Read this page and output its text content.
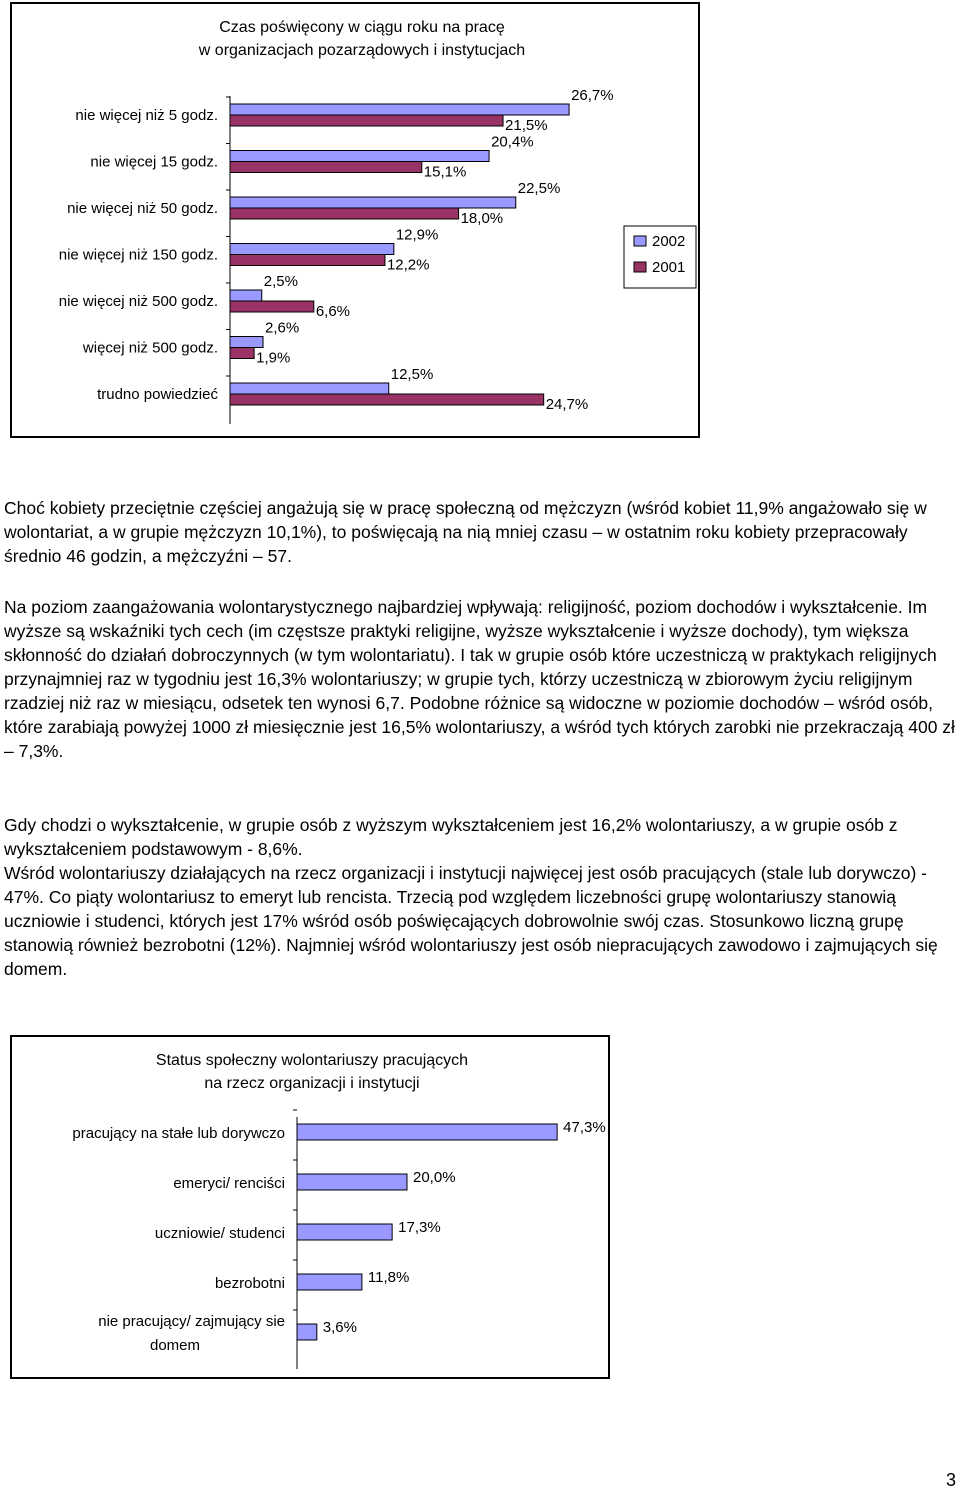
Czas poświęcony w ciągu roku na pracę
w organizacjach pozarządowych i instytucjach
nie więcej niż 5 godz.
26,7%
21,5%
nie więcej 15 godz.
20,4%
15,1%
nie więcej niż 50 godz.
22,5%
18,0%
nie więcej niż 150 godz.
12,9%
12,2%
nie więcej niż 500 godz.
2,5%
6,6%
więcej niż 500 godz.
2,6%
1,9%
trudno powiedzieć
12,5%
24,7%
2002
2001

Choć kobiety przeciętnie częściej angażują się w pracę społeczną od mężczyzn (wśród kobiet 11,9% angażowało się w wolontariat, a w grupie mężczyzn 10,1%), to poświęcają na nią mniej czasu – w ostatnim roku kobiety przepracowały średnio 46 godzin, a mężczyźni – 57.

Na poziom zaangażowania wolontarystycznego najbardziej wpływają: religijność, poziom dochodów i wykształcenie. Im wyższe są wskaźniki tych cech (im częstsze praktyki religijne, wyższe wykształcenie i wyższe dochody), tym większa skłonność do działań dobroczynnych (w tym wolontariatu). I tak w grupie osób które uczestniczą w praktykach religijnych przynajmniej raz w tygodniu jest 16,3% wolontariuszy; w grupie tych, którzy uczestniczą w zbiorowym życiu religijnym rzadziej niż raz w miesiącu, odsetek ten wynosi 6,7. Podobne różnice są widoczne w poziomie dochodów – wśród osób, które zarabiają powyżej 1000 zł miesięcznie jest 16,5% wolontariuszy, a wśród tych których zarobki nie przekraczają 400 zł – 7,3%.

Gdy chodzi o wykształcenie, w grupie osób z wyższym wykształceniem jest 16,2% wolontariuszy, a w grupie osób z wykształceniem podstawowym - 8,6%.

Wśród wolontariuszy działających na rzecz organizacji i instytucji najwięcej jest osób pracujących (stale lub dorywczo) - 47%. Co piąty wolontariusz to emeryt lub rencista. Trzecią pod względem liczebności grupę wolontariuszy stanowią uczniowie i studenci, których jest 17% wśród osób poświęcających dobrowolnie swój czas. Stosunkowo liczną grupę stanowią również bezrobotni (12%). Najmniej wśród wolontariuszy jest osób niepracujących zawodowo i zajmujących się domem.

Status społeczny wolontariuszy pracujących
na rzecz organizacji i instytucji
pracujący na stałe lub dorywczo	47,3%
emeryci/ renciści	20,0%
uczniowie/ studenci	17,3%
bezrobotni	11,8%
nie pracujący/ zajmujący sie
domem
3,6%
3
